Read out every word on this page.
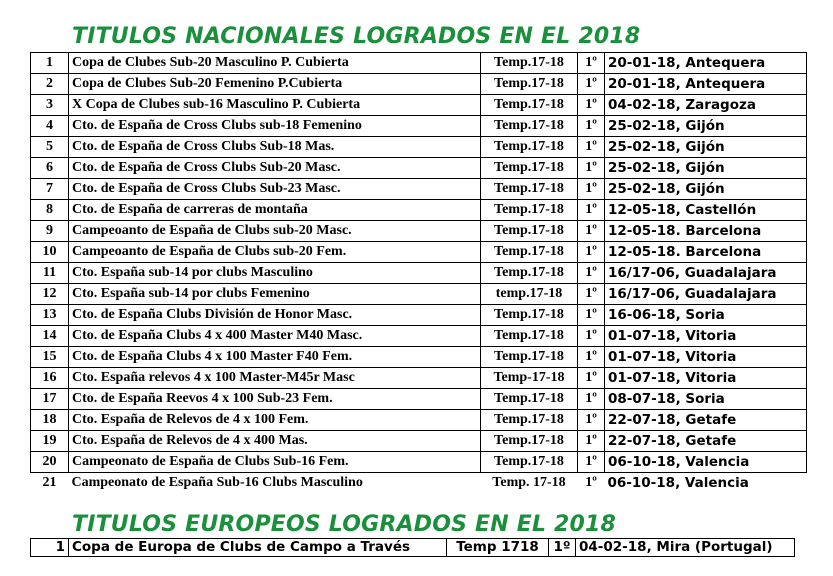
TITULOS NACIONALES LOGRADOS EN EL 2018
1	Copa de Clubes Sub-20 Masculino P. Cubierta	Temp.17-18	1º	20-01-18, Antequera
2	Copa de Clubes Sub-20 Femenino P.Cubierta	Temp.17-18	1º	20-01-18, Antequera
3	X Copa de Clubes sub-16 Masculino P. Cubierta	Temp.17-18	1º	04-02-18, Zaragoza
4	Cto. de España de Cross Clubs sub-18 Femenino	Temp.17-18	1º	25-02-18, Gijón
5	Cto. de España de Cross Clubs Sub-18 Mas.	Temp.17-18	1º	25-02-18, Gijón
6	Cto. de España de Cross Clubs Sub-20 Masc.	Temp.17-18	1º	25-02-18, Gijón
7	Cto. de España de Cross Clubs Sub-23 Masc.	Temp.17-18	1º	25-02-18, Gijón
8	Cto. de España de carreras de montaña	Temp.17-18	1º	12-05-18, Castellón
9	Campeoanto de España de Clubs sub-20 Masc.	Temp.17-18	1º	12-05-18. Barcelona
10	Campeoanto de España de Clubs sub-20 Fem.	Temp.17-18	1º	12-05-18. Barcelona
11	Cto. España sub-14 por clubs Masculino	Temp.17-18	1º	16/17-06, Guadalajara
12	Cto. España sub-14 por clubs Femenino	temp.17-18	1º	16/17-06, Guadalajara
13	Cto. de España Clubs División de Honor Masc.	Temp.17-18	1º	16-06-18, Soria
14	Cto. de España Clubs 4 x 400 Master M40 Masc.	Temp.17-18	1º	01-07-18, Vitoria
15	Cto. de España Clubs 4 x 100 Master F40 Fem.	Temp.17-18	1º	01-07-18, Vitoria
16	Cto. España relevos 4 x 100 Master-M45r Masc	Temp-17-18	1º	01-07-18, Vitoria
17	Cto. de España Reevos 4 x 100 Sub-23 Fem.	Temp.17-18	1º	08-07-18, Soria
18	Cto. España de Relevos de 4 x 100 Fem.	Temp.17-18	1º	22-07-18, Getafe
19	Cto. España de Relevos de 4 x 400 Mas.	Temp.17-18	1º	22-07-18, Getafe
20	Campeonato de España de Clubs Sub-16 Fem.	Temp.17-18	1º	06-10-18, Valencia
21	Campeonato de España Sub-16 Clubs Masculino	Temp. 17-18	1º	06-10-18, Valencia
TITULOS EUROPEOS LOGRADOS EN EL 2018
1	Copa de Europa de Clubs de Campo a Través	Temp 1718	1º	04-02-18, Mira (Portugal)
